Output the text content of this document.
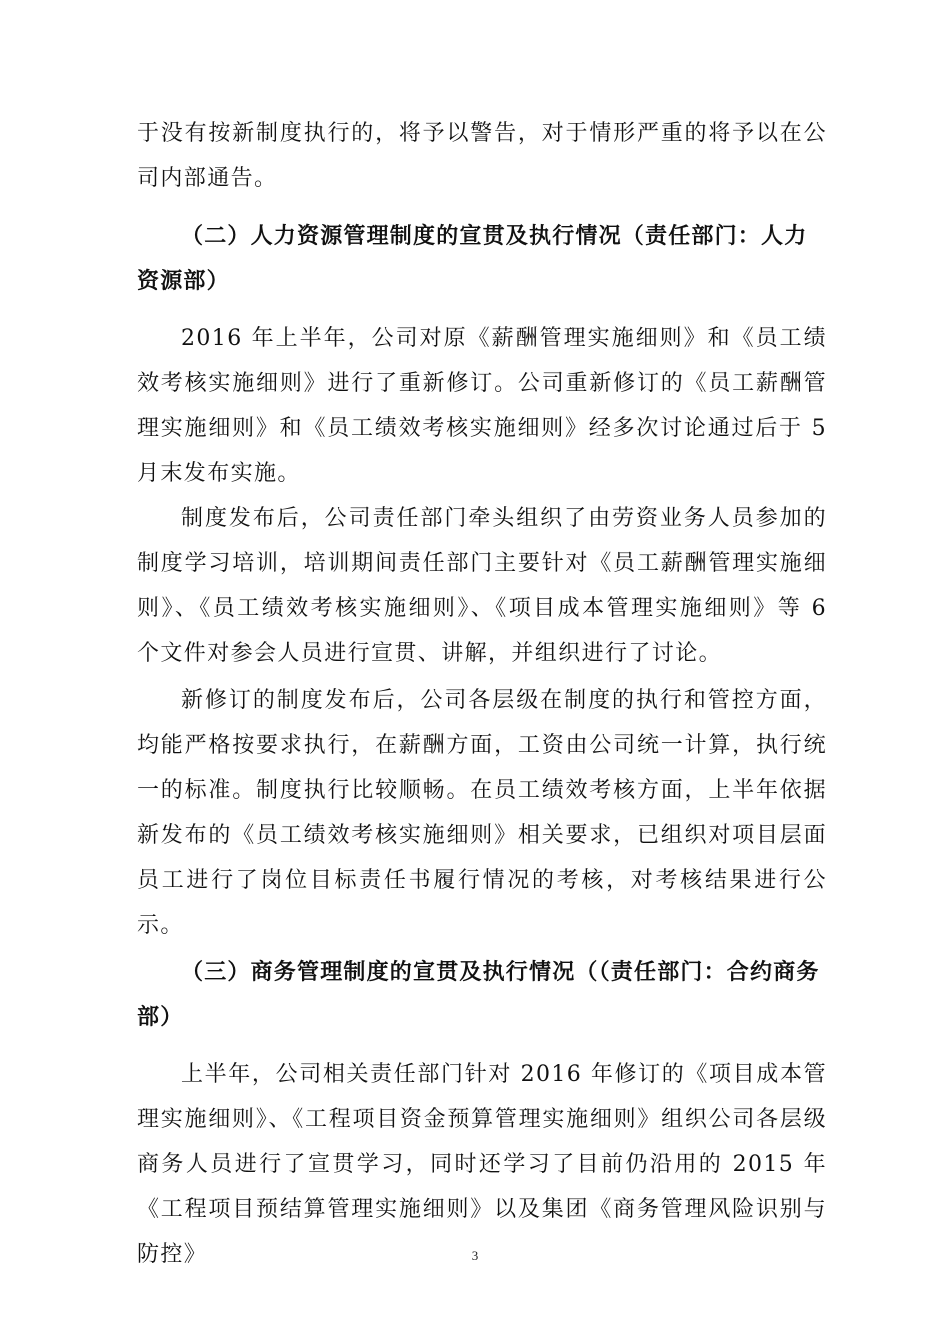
于没有按新制度执行的，将予以警告，对于情形严重的将予以在公司内部通告。

（二）人力资源管理制度的宣贯及执行情况（责任部门：人力资源部）

2016 年上半年，公司对原《薪酬管理实施细则》和《员工绩效考核实施细则》进行了重新修订。公司重新修订的《员工薪酬管理实施细则》和《员工绩效考核实施细则》经多次讨论通过后于 5 月末发布实施。

制度发布后，公司责任部门牵头组织了由劳资业务人员参加的制度学习培训，培训期间责任部门主要针对《员工薪酬管理实施细则》、《员工绩效考核实施细则》、《项目成本管理实施细则》等 6 个文件对参会人员进行宣贯、讲解，并组织进行了讨论。

新修订的制度发布后，公司各层级在制度的执行和管控方面，均能严格按要求执行，在薪酬方面，工资由公司统一计算，执行统一的标准。制度执行比较顺畅。在员工绩效考核方面，上半年依据新发布的《员工绩效考核实施细则》相关要求，已组织对项目层面员工进行了岗位目标责任书履行情况的考核，对考核结果进行公示。

（三）商务管理制度的宣贯及执行情况（（责任部门：合约商务部）

上半年，公司相关责任部门针对 2016 年修订的《项目成本管理实施细则》、《工程项目资金预算管理实施细则》组织公司各层级商务人员进行了宣贯学习，同时还学习了目前仍沿用的 2015 年《工程项目预结算管理实施细则》以及集团《商务管理风险识别与防控》	3
